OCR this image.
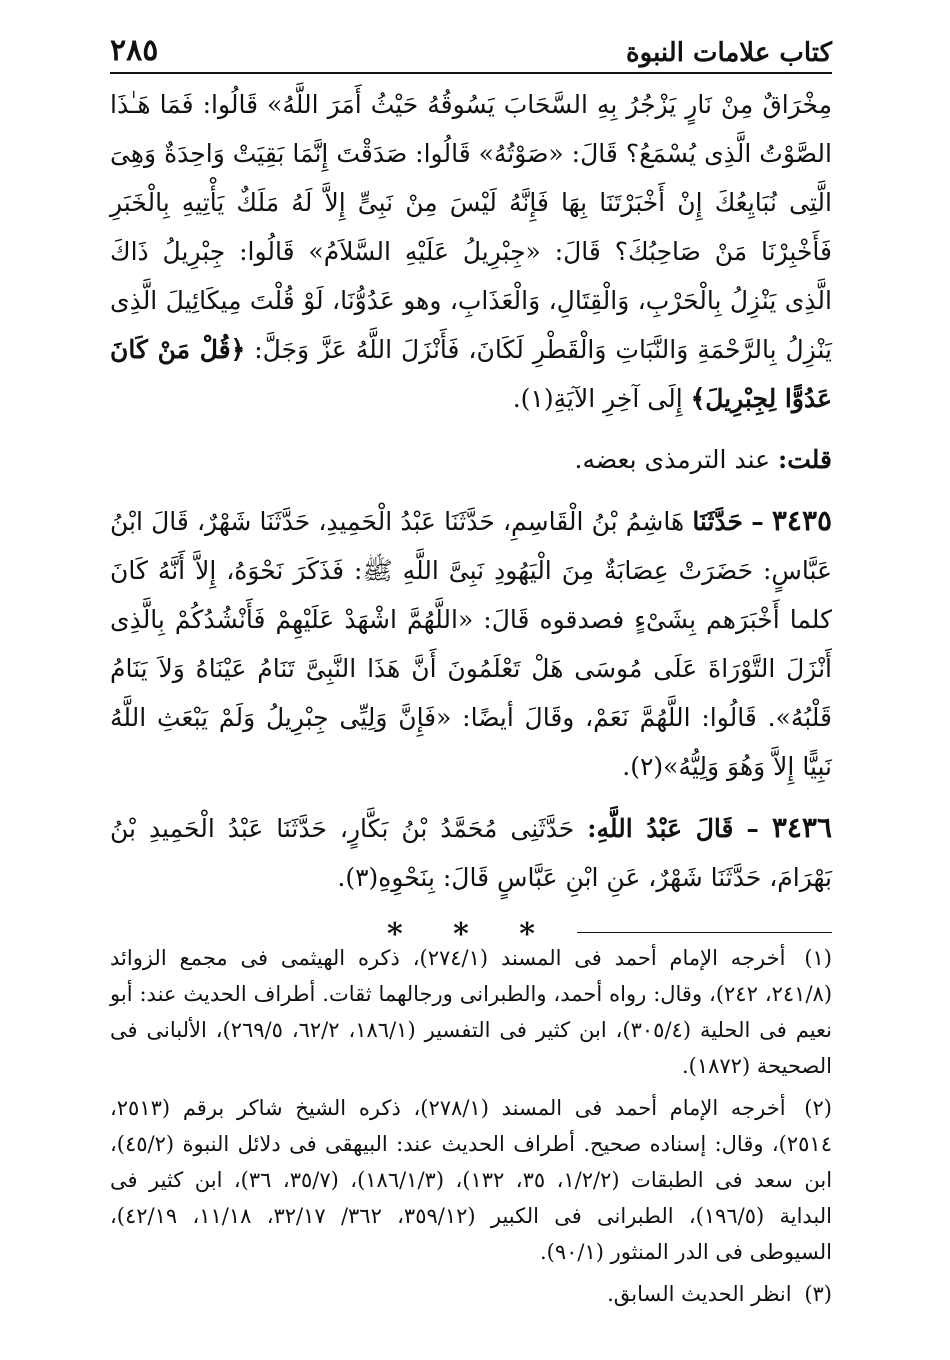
٢٨٥	كتاب علامات النبوة

مِخْرَاقٌ مِنْ نَارٍ يَزْجُرُ بِهِ السَّحَابَ يَسُوقُهُ حَيْثُ أَمَرَ اللَّهُ» قَالُوا: فَمَا هَـٰذَا الصَّوْتُ الَّذِى يُسْمَعُ؟ قَالَ: «صَوْتُهُ» قَالُوا: صَدَقْتَ إِنَّمَا بَقِيَتْ وَاحِدَةٌ وَهِىَ الَّتِى نُبَايِعُكَ إِنْ أَخْبَرْتَنَا بِهَا فَإِنَّهُ لَيْسَ مِنْ نَبِىٍّ إِلاَّ لَهُ مَلَكٌ يَأْتِيهِ بِالْخَبَرِ فَأَخْبِرْنَا مَنْ صَاحِبُكَ؟ قَالَ: «جِبْرِيلُ عَلَيْهِ السَّلاَمُ» قَالُوا: جِبْرِيلُ ذَاكَ الَّذِى يَنْزِلُ بِالْحَرْبِ، وَالْقِتَالِ، وَالْعَذَابِ، وهو عَدُوُّنَا، لَوْ قُلْتَ مِيكَائِيلَ الَّذِى يَنْزِلُ بِالرَّحْمَةِ وَالنَّبَاتِ وَالْقَطْرِ لَكَانَ، فَأَنْزَلَ اللَّهُ عَزَّ وَجَلَّ: ﴿قُلْ مَنْ كَانَ عَدُوًّا لِجِبْرِيلَ﴾ إِلَى آخِرِ الآيَةِ(١).

قلت: عند الترمذى بعضه.

٣٤٣٥ – حَدَّثَنَا هَاشِمُ بْنُ الْقَاسِمِ، حَدَّثَنَا عَبْدُ الْحَمِيدِ، حَدَّثَنَا شَهْرٌ، قَالَ ابْنُ عَبَّاسٍ: حَضَرَتْ عِصَابَةٌ مِنَ الْيَهُودِ نَبِىَّ اللَّهِ ﷺ: فَذَكَرَ نَحْوَهُ، إِلاَّ أَنَّهُ كَانَ كلما أَخْبَرَهم بِشَىْءٍ فصدقوه قَالَ: «اللَّهُمَّ اشْهَدْ عَلَيْهِمْ فَأَنْشُدُكُمْ بِالَّذِى أَنْزَلَ التَّوْرَاةَ عَلَى مُوسَى هَلْ تَعْلَمُونَ أَنَّ هَذَا النَّبِىَّ تَنَامُ عَيْنَاهُ وَلاَ يَنَامُ قَلْبُهُ». قَالُوا: اللَّهُمَّ نَعَمْ، وقَالَ أيضًا: «فَإِنَّ وَلِيِّى جِبْرِيلُ وَلَمْ يَبْعَثِ اللَّهُ نَبِيًّا إِلاَّ وَهُوَ وَلِيُّهُ»(٢).

٣٤٣٦ – قَالَ عَبْدُ اللَّهِ: حَدَّثَنِى مُحَمَّدُ بْنُ بَكَّارٍ، حَدَّثَنَا عَبْدُ الْحَمِيدِ بْنُ بَهْرَامَ، حَدَّثَنَا شَهْرٌ، عَنِ ابْنِ عَبَّاسٍ قَالَ: بِنَحْوِهِ(٣).

* * *

(١) أخرجه الإمام أحمد فى المسند (٢٧٤/١)، ذكره الهيثمى فى مجمع الزوائد (٢٤١/٨، ٢٤٢)، وقال: رواه أحمد، والطبرانى ورجالهما ثقات. أطراف الحديث عند: أبو نعيم فى الحلية (٣٠٥/٤)، ابن كثير فى التفسير (١٨٦/١، ٦٢/٢، ٢٦٩/٥)، الألبانى فى الصحيحة (١٨٧٢).

(٢) أخرجه الإمام أحمد فى المسند (٢٧٨/١)، ذكره الشيخ شاكر برقم (٢٥١٣، ٢٥١٤)، وقال: إسناده صحيح. أطراف الحديث عند: البيهقى فى دلائل النبوة (٤٥/٢)، ابن سعد فى الطبقات (١/٢/٢، ٣٥، ١٣٢)، (١٨٦/١/٣)، (٣٥/٧، ٣٦)، ابن كثير فى البداية (١٩٦/٥)، الطبرانى فى الكبير (٣٥٩/١٢، ٣٦٢/ ٣٢/١٧، ١١/١٨، ٤٢/١٩)، السيوطى فى الدر المنثور (٩٠/١).

(٣) انظر الحديث السابق.
